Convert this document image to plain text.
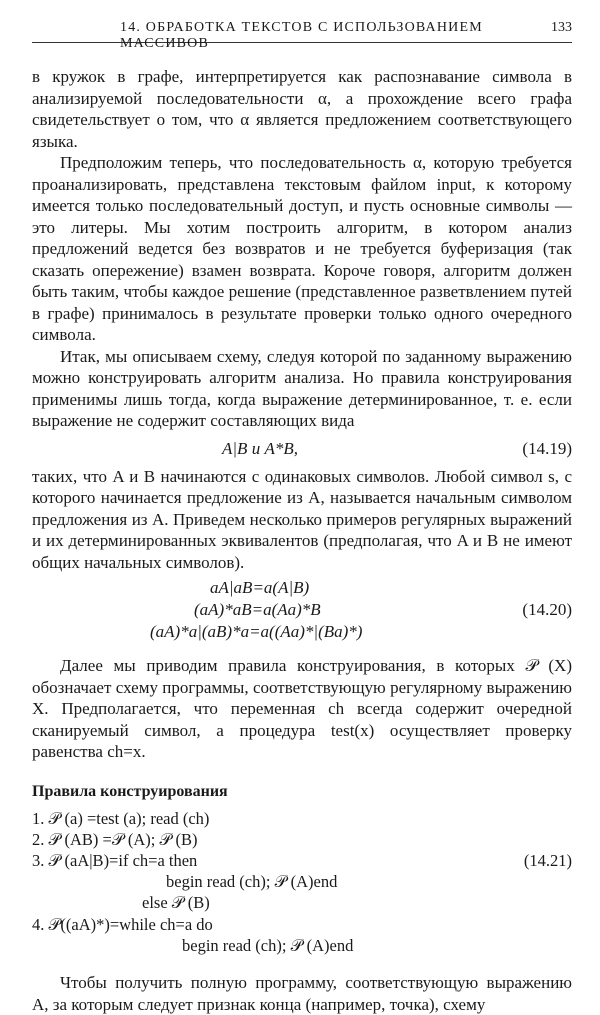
14. ОБРАБОТКА ТЕКСТОВ С ИСПОЛЬЗОВАНИЕМ МАССИВОВ
133

в кружок в графе, интерпретируется как распознавание символа в анализируемой последовательности α, а прохождение всего графа свидетельствует о том, что α является предложением соответствующего языка.

Предположим теперь, что последовательность α, которую требуется проанализировать, представлена текстовым файлом input, к которому имеется только последовательный доступ, и пусть основные символы — это литеры. Мы хотим построить алгоритм, в котором анализ предложений ведется без возвратов и не требуется буферизация (так сказать опережение) взамен возврата. Короче говоря, алгоритм должен быть таким, чтобы каждое решение (представленное разветвлением путей в графе) принималось в результате проверки только одного очередного символа.

Итак, мы описываем схему, следуя которой по заданному выражению можно конструировать алгоритм анализа. Но правила конструирования применимы лишь тогда, когда выражение детерминированное, т. е. если выражение не содержит составляющих вида

A|B и A*B,	(14.19)

таких, что A и B начинаются с одинаковых символов. Любой символ s, с которого начинается предложение из A, называется начальным символом предложения из A. Приведем несколько примеров регулярных выражений и их детерминированных эквивалентов (предполагая, что A и B не имеют общих начальных символов).

aA|aB=a(A|B)
(aA)*aB=a(Aa)*B
(aA)*a|(aB)*a=a((Aa)*|(Ba)*)
(14.20)

Далее мы приводим правила конструирования, в которых 𝒫 (X) обозначает схему программы, соответствующую регулярному выражению X. Предполагается, что переменная ch всегда содержит очередной сканируемый символ, а процедура test(x) осуществляет проверку равенства ch=x.

Правила конструирования
1. 𝒫 (a) =test (a); read (ch)
2. 𝒫 (AB) =𝒫 (A); 𝒫 (B)
3. 𝒫 (aA|B)=if ch=a then
begin read (ch); 𝒫 (A)end
else 𝒫 (B)
4. 𝒫((aA)*)=while ch=a do
begin read (ch); 𝒫 (A)end
(14.21)

Чтобы получить полную программу, соответствующую выражению A, за которым следует признак конца (например, точка), схему
